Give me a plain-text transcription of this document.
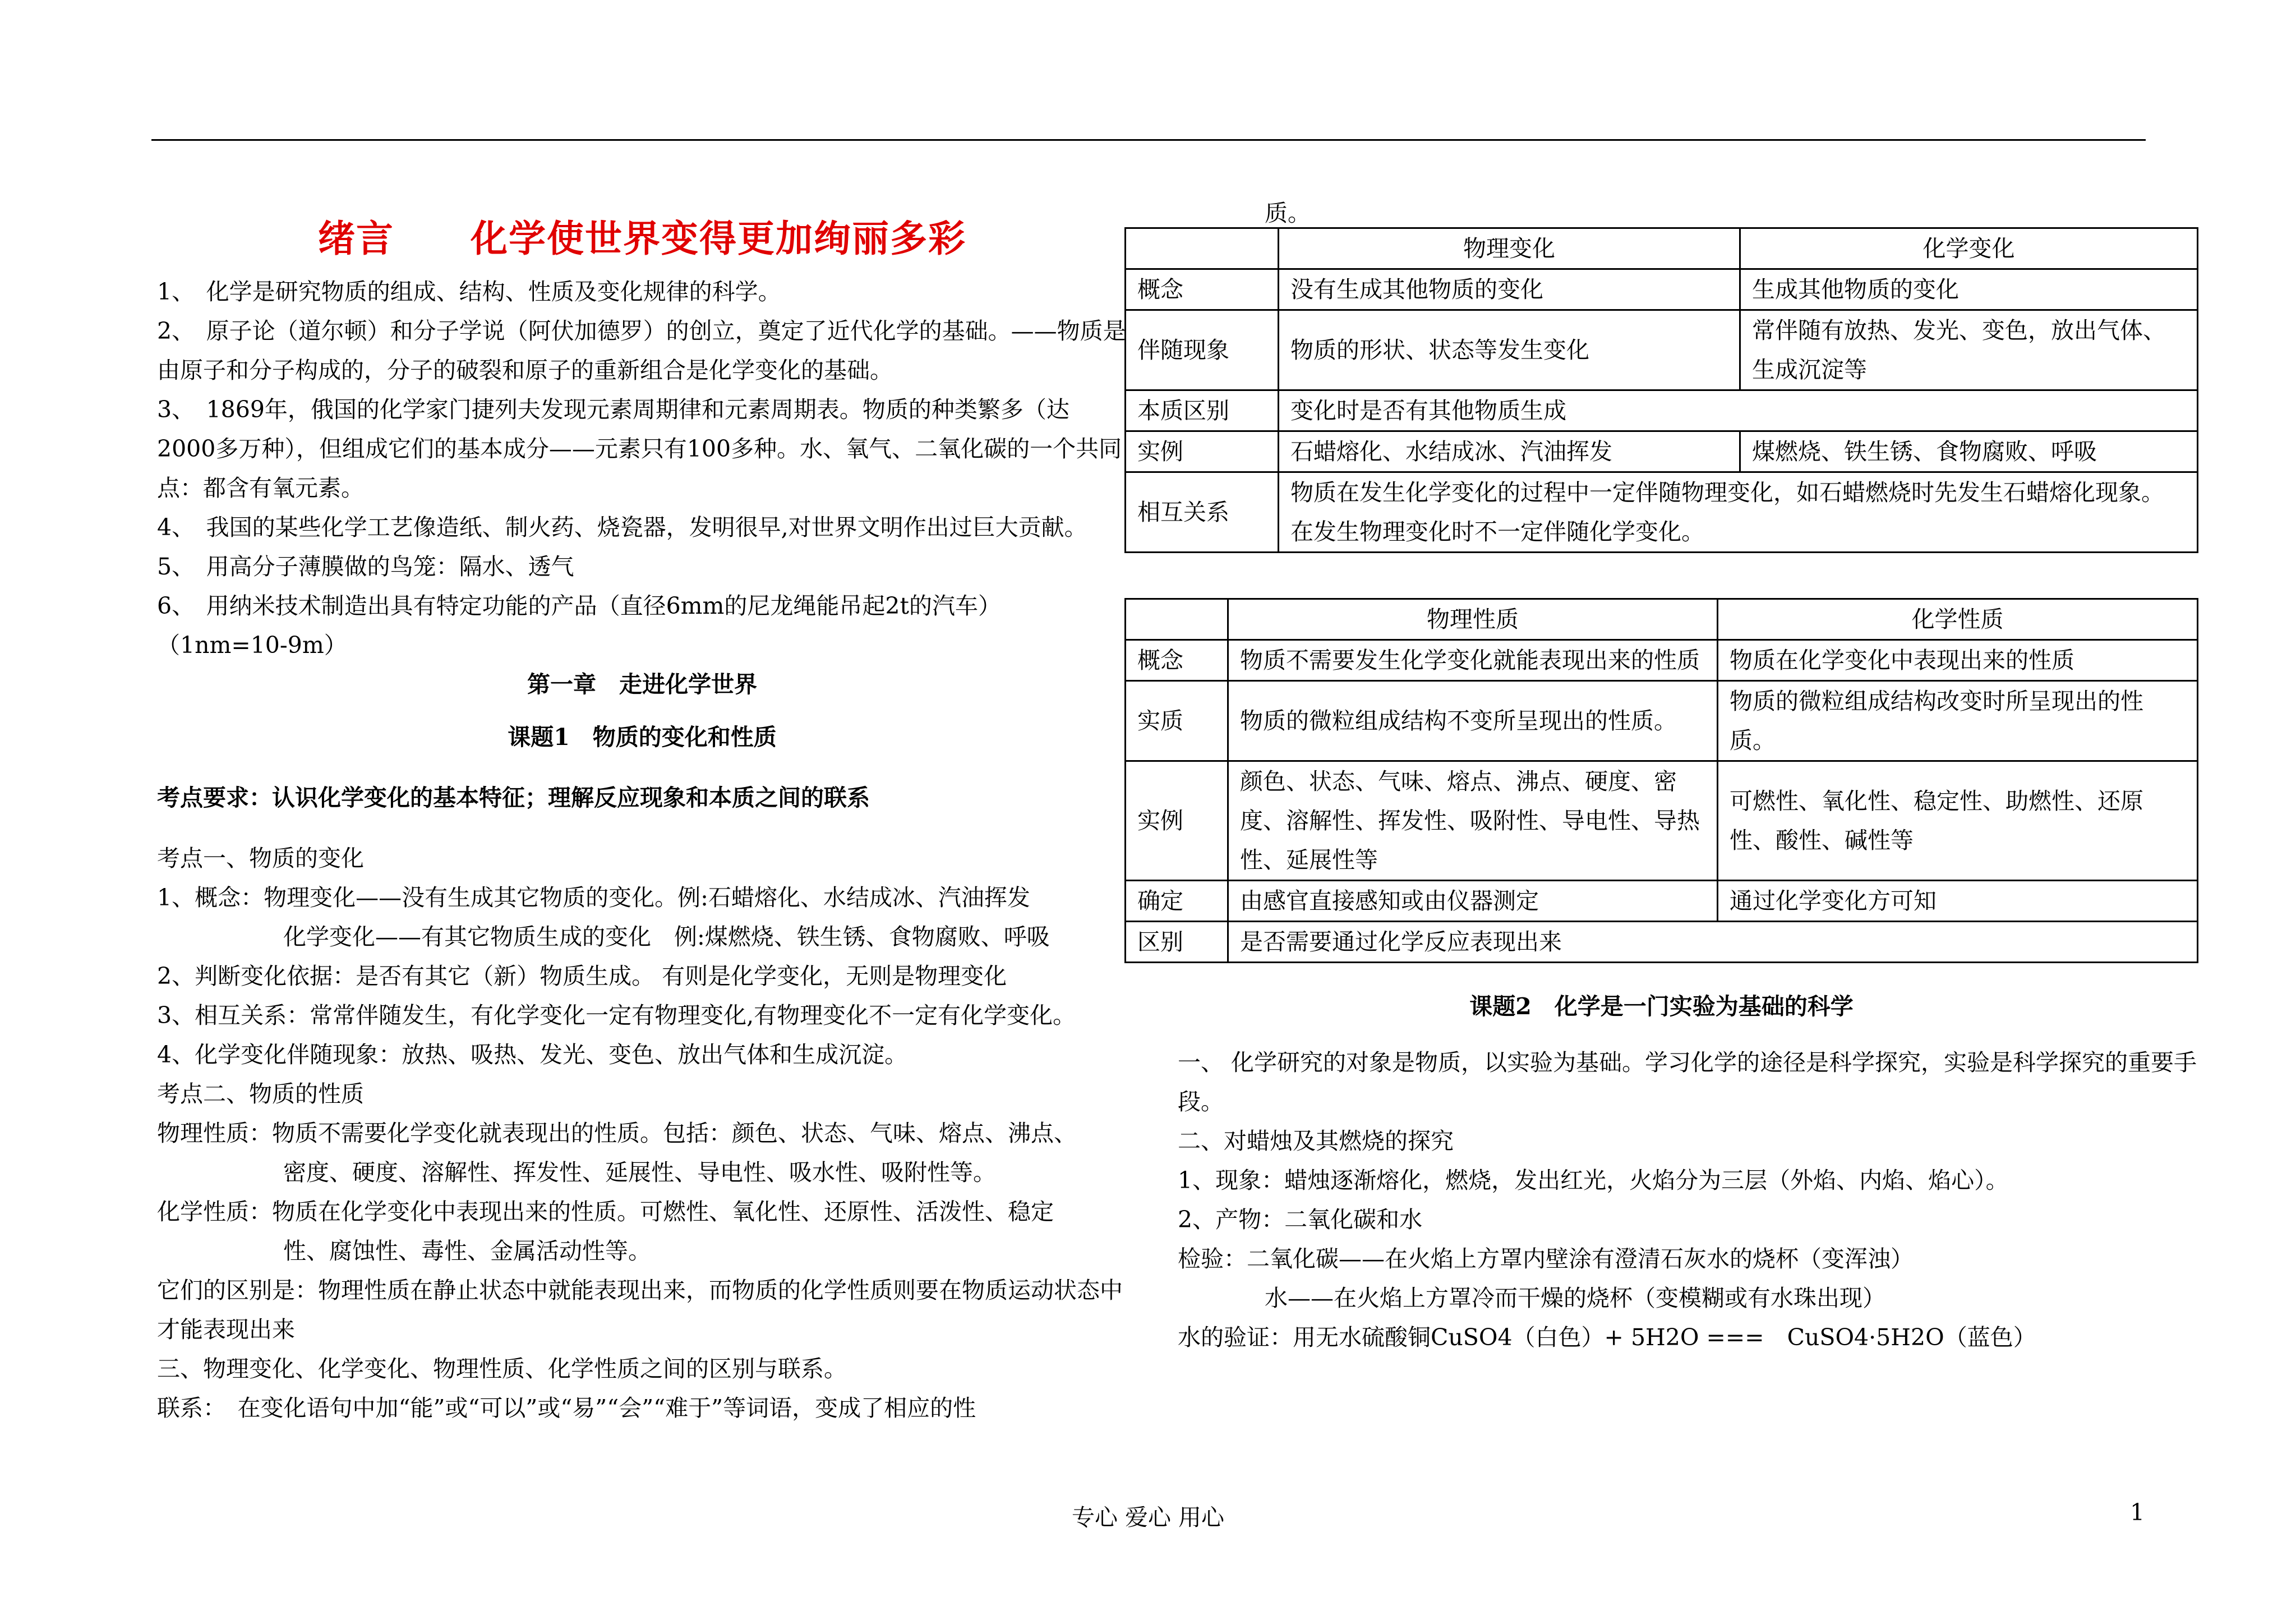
绪言　　化学使世界变得更加绚丽多彩

1、　化学是研究物质的组成、结构、性质及变化规律的科学。

2、　原子论（道尔顿）和分子学说（阿伏加德罗）的创立，奠定了近代化学的基础。——物质是由原子和分子构成的，分子的破裂和原子的重新组合是化学变化的基础。

3、　1869年，俄国的化学家门捷列夫发现元素周期律和元素周期表。物质的种类繁多（达2000多万种），但组成它们的基本成分——元素只有100多种。水、氧气、二氧化碳的一个共同点：都含有氧元素。

4、　我国的某些化学工艺像造纸、制火药、烧瓷器，发明很早,对世界文明作出过巨大贡献。

5、　用高分子薄膜做的鸟笼：隔水、透气

6、　用纳米技术制造出具有特定功能的产品（直径6mm的尼龙绳能吊起2t的汽车）

（1nm=10-9m）

第一章　走进化学世界

课题1　物质的变化和性质

考点要求：认识化学变化的基本特征；理解反应现象和本质之间的联系

考点一、物质的变化

1、概念：物理变化——没有生成其它物质的变化。例:石蜡熔化、水结成冰、汽油挥发

化学变化——有其它物质生成的变化　例:煤燃烧、铁生锈、食物腐败、呼吸

2、判断变化依据：是否有其它（新）物质生成。 有则是化学变化，无则是物理变化

3、相互关系：常常伴随发生，有化学变化一定有物理变化,有物理变化不一定有化学变化。

4、化学变化伴随现象：放热、吸热、发光、变色、放出气体和生成沉淀。

考点二、物质的性质

物理性质：物质不需要化学变化就表现出的性质。包括：颜色、状态、气味、熔点、沸点、

密度、硬度、溶解性、挥发性、延展性、导电性、吸水性、吸附性等。

化学性质：物质在化学变化中表现出来的性质。可燃性、氧化性、还原性、活泼性、稳定

性、腐蚀性、毒性、金属活动性等。

它们的区别是：物理性质在静止状态中就能表现出来，而物质的化学性质则要在物质运动状态中才能表现出来

三、物理变化、化学变化、物理性质、化学性质之间的区别与联系。

联系：　在变化语句中加“能”或“可以”或“易”“会”“难于”等词语，变成了相应的性

质。

	物理变化	化学变化
概念	没有生成其他物质的变化	生成其他物质的变化
伴随现象	物质的形状、状态等发生变化	常伴随有放热、发光、变色，放出气体、生成沉淀等
本质区别	变化时是否有其他物质生成	
实例	石蜡熔化、水结成冰、汽油挥发	煤燃烧、铁生锈、食物腐败、呼吸
相互关系	物质在发生化学变化的过程中一定伴随物理变化，如石蜡燃烧时先发生石蜡熔化现象。在发生物理变化时不一定伴随化学变化。	
	物理性质	化学性质
概念	物质不需要发生化学变化就能表现出来的性质	物质在化学变化中表现出来的性质
实质	物质的微粒组成结构不变所呈现出的性质。	物质的微粒组成结构改变时所呈现出的性质。
实例	颜色、状态、气味、熔点、沸点、硬度、密度、溶解性、挥发性、吸附性、导电性、导热性、延展性等	可燃性、氧化性、稳定性、助燃性、还原性、酸性、碱性等
确定	由感官直接感知或由仪器测定	通过化学变化方可知
区别	是否需要通过化学反应表现出来	

课题2　化学是一门实验为基础的科学

一、 化学研究的对象是物质，以实验为基础。学习化学的途径是科学探究，实验是科学探究的重要手段。

二、对蜡烛及其燃烧的探究

1、现象：蜡烛逐渐熔化，燃烧，发出红光，火焰分为三层（外焰、内焰、焰心）。

2、产物：二氧化碳和水

检验：二氧化碳——在火焰上方罩内壁涂有澄清石灰水的烧杯（变浑浊）

水——在火焰上方罩冷而干燥的烧杯（变模糊或有水珠出现）

水的验证：用无水硫酸铜CuSO4（白色）+ 5H2O ===　CuSO4·5H2O（蓝色）

专心 爱心 用心	1
